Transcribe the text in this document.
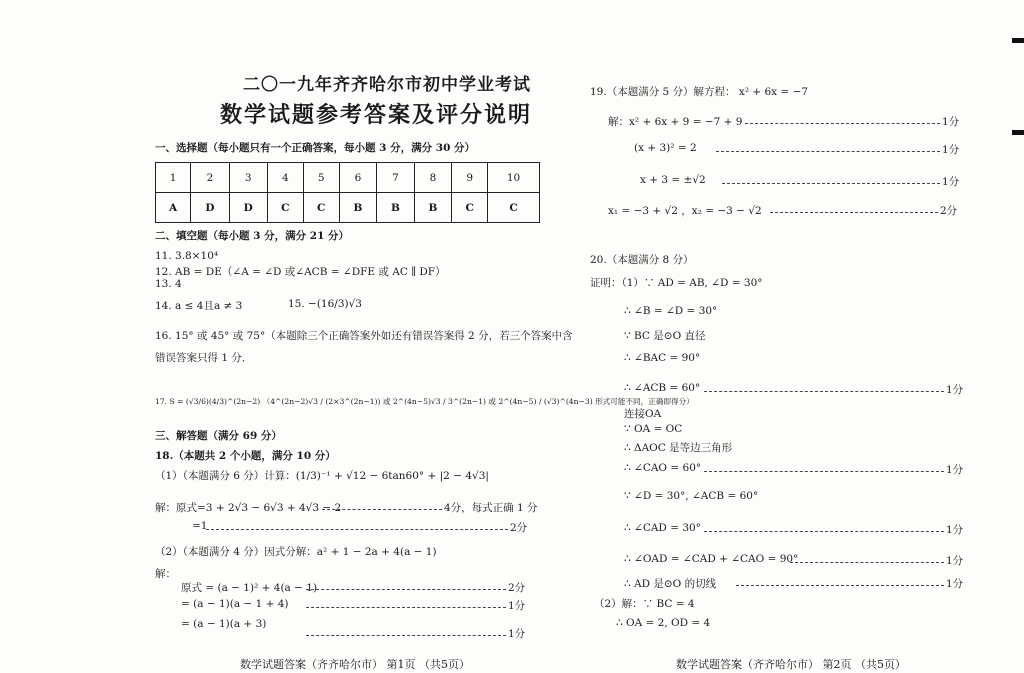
二〇一九年齐齐哈尔市初中学业考试
数学试题参考答案及评分说明
一、选择题（每小题只有一个正确答案，每小题 3 分，满分 30 分）
1	2	3	4	5	6	7	8	9	10
A	D	D	C	C	B	B	B	C	C
二、填空题（每小题 3 分，满分 21 分）
11. 3.8×10⁴
12. AB = DE（∠A = ∠D 或∠ACB = ∠DFE 或 AC ∥ DF）
13. 4
14. a ≤ 4且a ≠ 3	15. −(16/3)√3
16. 15° 或 45° 或 75°（本题除三个正确答案外如还有错误答案得 2 分，若三个答案中含
错误答案只得 1 分．
17. S = (√3/6)(4/3)^(2n−2) （4^(2n−2)√3 / (2×3^(2n−1)) 或 2^(4n−5)√3 / 3^(2n−1) 或 2^(4n−5) / (√3)^(4n−3) 形式可能不同，正确即得分）
三、解答题（满分 69 分）
18.（本题共 2 个小题，满分 10 分）
（1）（本题满分 6 分）计算：(1/3)⁻¹ + √12 − 6tan60° + |2 − 4√3|
解：原式=3 + 2√3 − 6√3 + 4√3 − 2	4分，每式正确 1 分
=1	2分
（2）（本题满分 4 分）因式分解：a² + 1 − 2a + 4(a − 1)
解：
原式 = (a − 1)² + 4(a − 1)	2分
= (a − 1)(a − 1 + 4)	1分
= (a − 1)(a + 3)
1分
数学试题答案（齐齐哈尔市） 第1页 （共5页）
19.（本题满分 5 分）解方程： x² + 6x = −7
解：x² + 6x + 9 = −7 + 9	1分
(x + 3)² = 2	1分
x + 3 = ±√2	1分
x₁ = −3 + √2 ，x₂ = −3 − √2	2分
20.（本题满分 8 分）
证明：（1）∵ AD = AB, ∠D = 30°
∴ ∠B = ∠D = 30°
∵ BC 是⊙O 直径
∴ ∠BAC = 90°
∴ ∠ACB = 60°	1分
连接OA
∵ OA = OC
∴ ΔAOC 是等边三角形
∴ ∠CAO = 60°	1分
∵ ∠D = 30°, ∠ACB = 60°
∴ ∠CAD = 30°	1分
∴ ∠OAD = ∠CAD + ∠CAO = 90°	1分
∴ AD 是⊙O 的切线	1分
（2）解：∵ BC = 4
∴ OA = 2, OD = 4
数学试题答案（齐齐哈尔市） 第2页 （共5页）
